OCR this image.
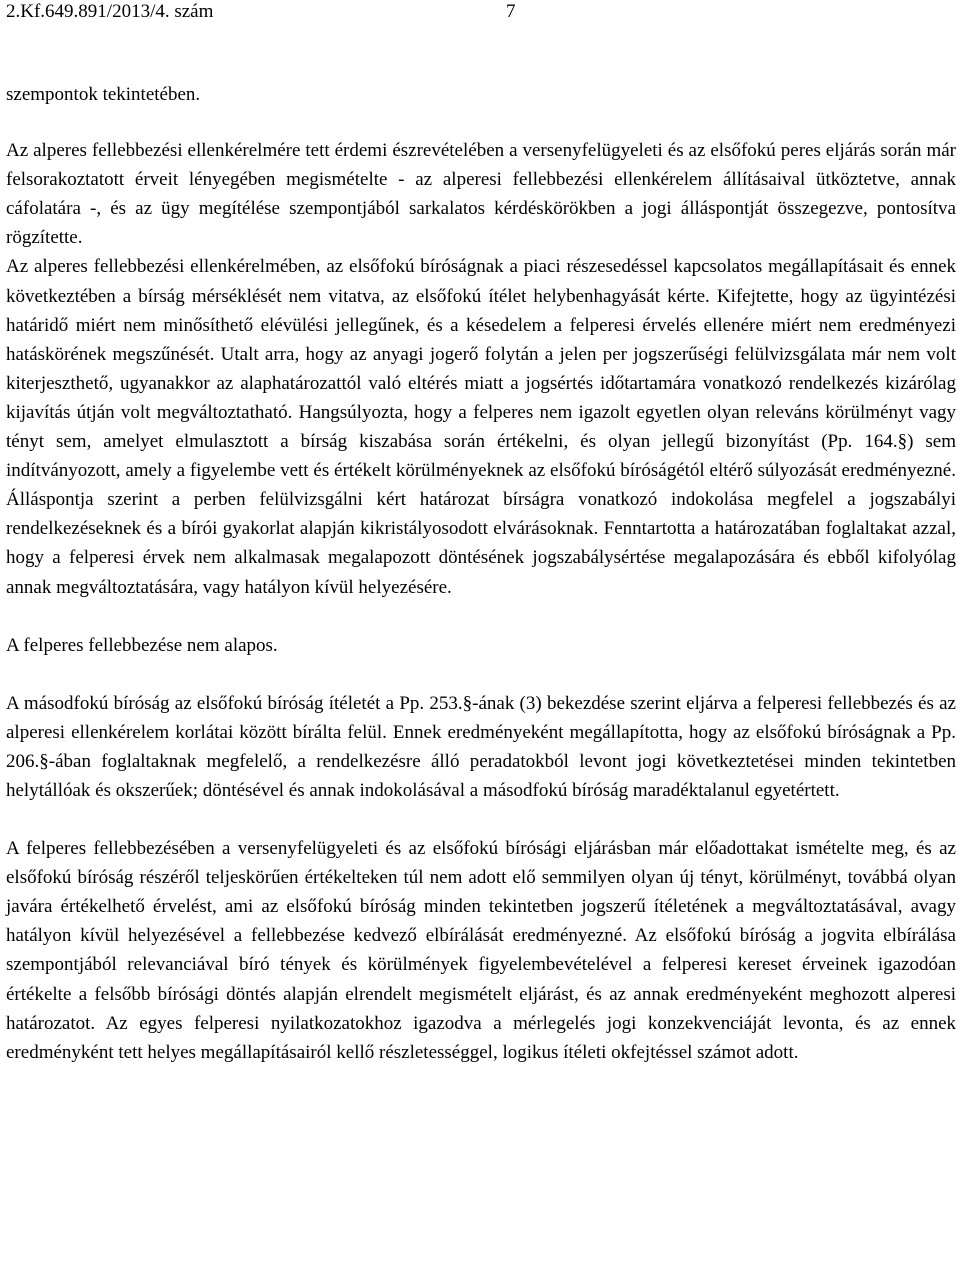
2.Kf.649.891/2013/4. szám	7

szempontok tekintetében.

Az alperes fellebbezési ellenkérelmére tett érdemi észrevételében a versenyfelügyeleti és az elsőfokú peres eljárás során már felsorakoztatott érveit lényegében megismételte - az alperesi fellebbezési ellenkérelem állításaival ütköztetve, annak cáfolatára -, és az ügy megítélése szempontjából sarkalatos kérdéskörökben a jogi álláspontját összegezve, pontosítva rögzítette.

Az alperes fellebbezési ellenkérelmében, az elsőfokú bíróságnak a piaci részesedéssel kapcsolatos megállapításait és ennek következtében a bírság mérséklését nem vitatva, az elsőfokú ítélet helybenhagyását kérte. Kifejtette, hogy az ügyintézési határidő miért nem minősíthető elévülési jellegűnek, és a késedelem a felperesi érvelés ellenére miért nem eredményezi hatáskörének megszűnését. Utalt arra, hogy az anyagi jogerő folytán a jelen per jogszerűségi felülvizsgálata már nem volt kiterjeszthető, ugyanakkor az alaphatározattól való eltérés miatt a jogsértés időtartamára vonatkozó rendelkezés kizárólag kijavítás útján volt megváltoztatható. Hangsúlyozta, hogy a felperes nem igazolt egyetlen olyan releváns körülményt vagy tényt sem, amelyet elmulasztott a bírság kiszabása során értékelni, és olyan jellegű bizonyítást (Pp. 164.§) sem indítványozott, amely a figyelembe vett és értékelt körülményeknek az elsőfokú bíróságétól eltérő súlyozását eredményezné. Álláspontja szerint a perben felülvizsgálni kért határozat bírságra vonatkozó indokolása megfelel a jogszabályi rendelkezéseknek és a bírói gyakorlat alapján kikristályosodott elvárásoknak. Fenntartotta a határozatában foglaltakat azzal, hogy a felperesi érvek nem alkalmasak megalapozott döntésének jogszabálysértése megalapozására és ebből kifolyólag annak megváltoztatására, vagy hatályon kívül helyezésére.

A felperes fellebbezése nem alapos.

A másodfokú bíróság az elsőfokú bíróság ítéletét a Pp. 253.§-ának (3) bekezdése szerint eljárva a felperesi fellebbezés és az alperesi ellenkérelem korlátai között bírálta felül. Ennek eredményeként megállapította, hogy az elsőfokú bíróságnak a Pp. 206.§-ában foglaltaknak megfelelő, a rendelkezésre álló peradatokból levont jogi következtetései minden tekintetben helytállóak és okszerűek; döntésével és annak indokolásával a másodfokú bíróság maradéktalanul egyetértett.

A felperes fellebbezésében a versenyfelügyeleti és az elsőfokú bírósági eljárásban már előadottakat ismételte meg, és az elsőfokú bíróság részéről teljeskörűen értékelteken túl nem adott elő semmilyen olyan új tényt, körülményt, továbbá olyan javára értékelhető érvelést, ami az elsőfokú bíróság minden tekintetben jogszerű ítéletének a megváltoztatásával, avagy hatályon kívül helyezésével a fellebbezése kedvező elbírálását eredményezné. Az elsőfokú bíróság a jogvita elbírálása szempontjából relevanciával bíró tények és körülmények figyelembevételével a felperesi kereset érveinek igazodóan értékelte a felsőbb bírósági döntés alapján elrendelt megismételt eljárást, és az annak eredményeként meghozott alperesi határozatot. Az egyes felperesi nyilatkozatokhoz igazodva a mérlegelés jogi konzekvenciáját levonta, és az ennek eredményként tett helyes megállapításairól kellő részletességgel, logikus ítéleti okfejtéssel számot adott.
